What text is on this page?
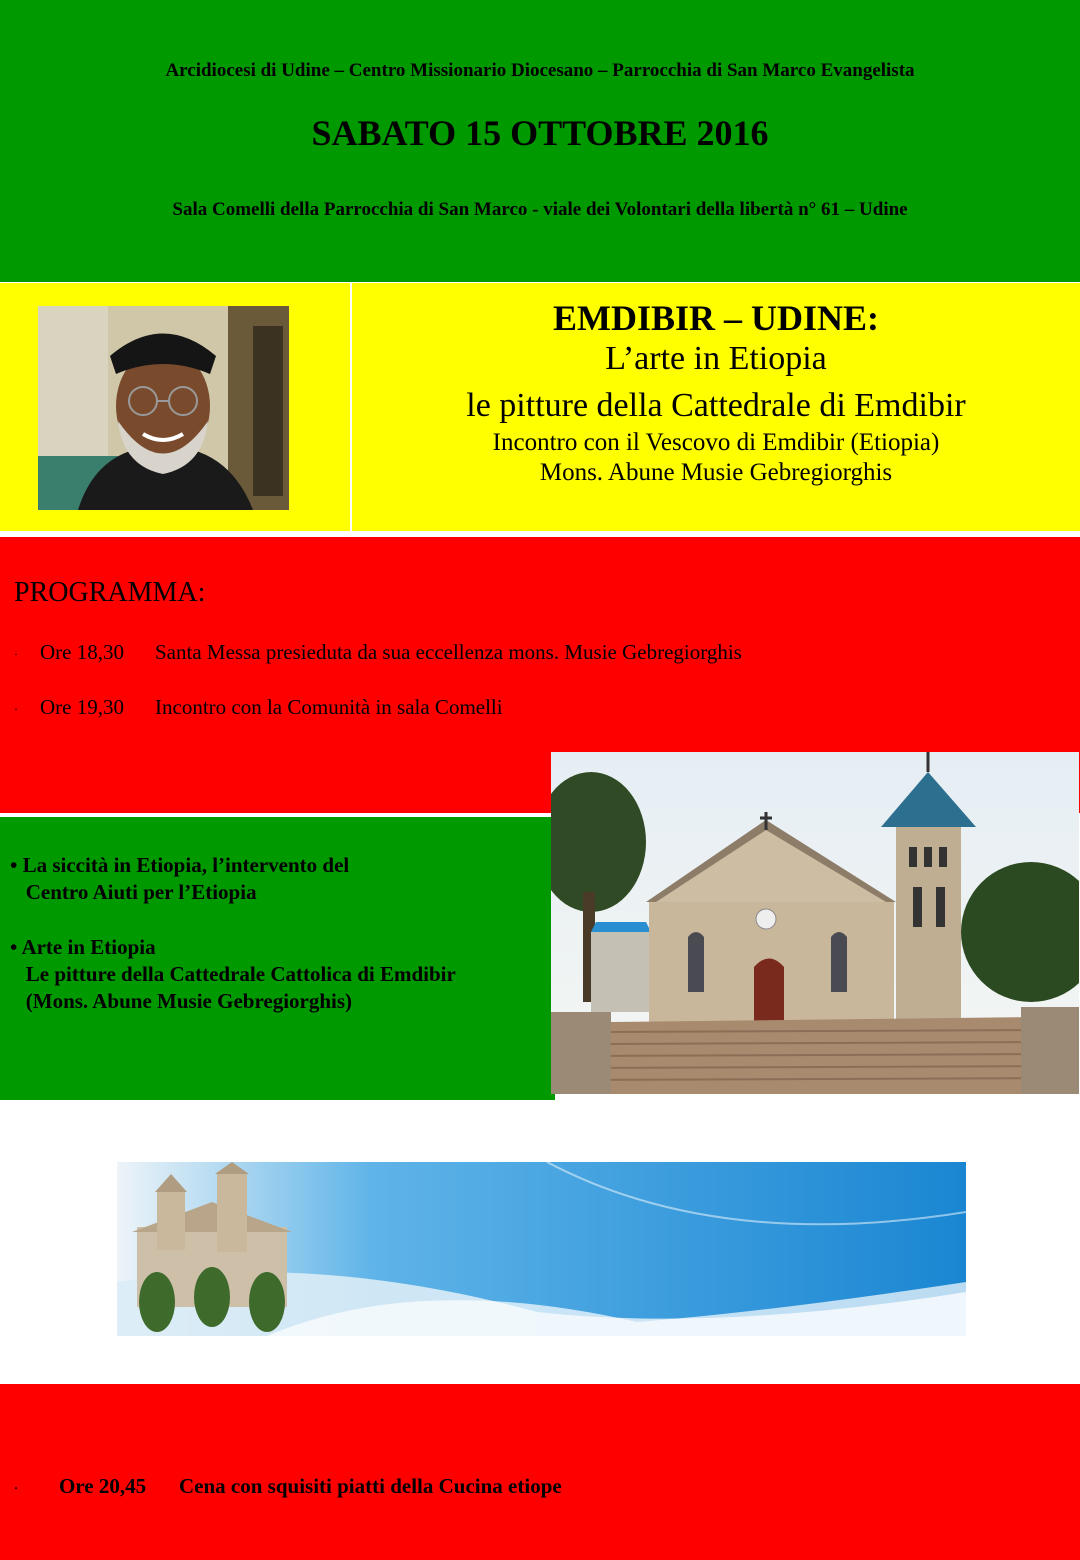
Arcidiocesi di Udine – Centro Missionario Diocesano – Parrocchia di San Marco Evangelista
SABATO 15 OTTOBRE 2016
Sala Comelli della Parrocchia di San Marco - viale dei Volontari della libertà n° 61 – Udine
EMDIBIR – UDINE:
L’arte in Etiopia
le pitture della Cattedrale di Emdibir
Incontro con il Vescovo di Emdibir (Etiopia)
Mons. Abune Musie Gebregiorghis
PROGRAMMA:
· Ore 18,30 Santa Messa presieduta da sua eccellenza mons. Musie Gebregiorghis
· Ore 19,30 Incontro con la Comunità in sala Comelli
• La siccità in Etiopia, l’intervento del
Centro Aiuti per l’Etiopia
• Arte in Etiopia
Le pitture della Cattedrale Cattolica di Emdibir
(Mons. Abune Musie Gebregiorghis)
· Ore 20,45 Cena con squisiti piatti della Cucina etiope
